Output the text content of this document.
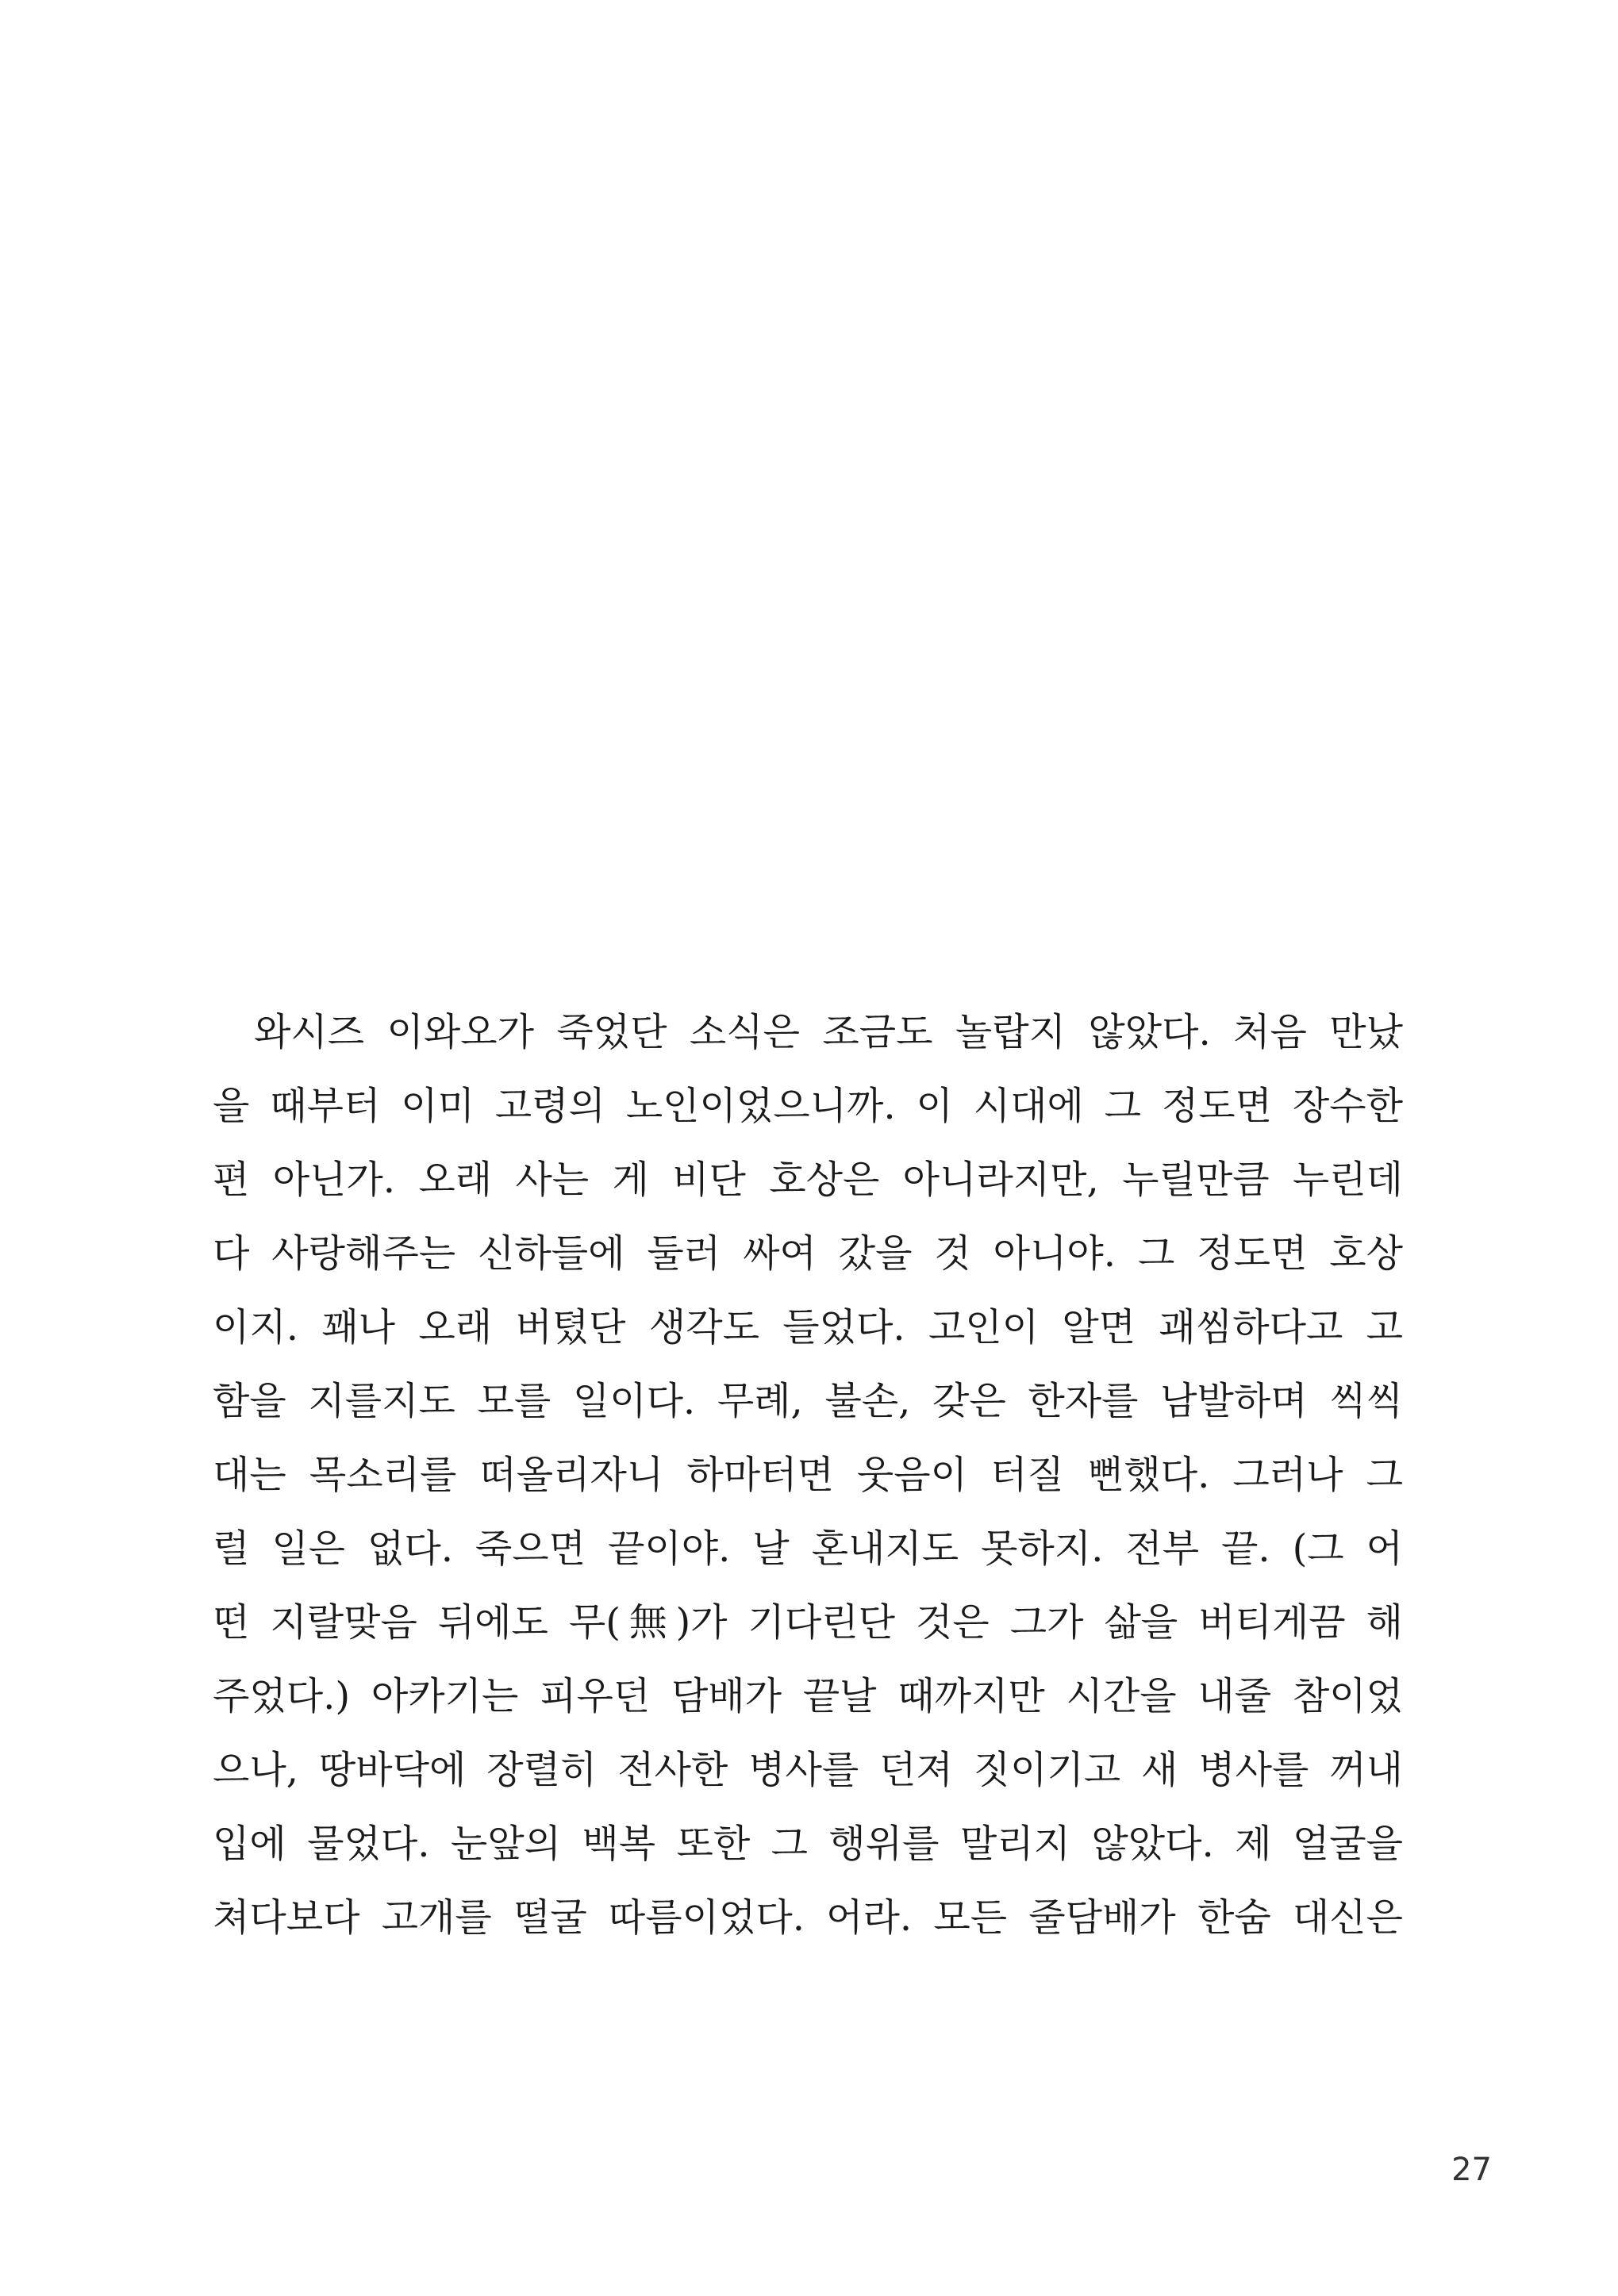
와시즈 이와오가 죽었단 소식은 조금도 놀랍지 않았다. 처음 만났
을 때부터 이미 고령의 노인이었으니까. 이 시대에 그 정도면 장수한
편 아닌가. 오래 사는 게 비단 호상은 아니라지만, 누릴만큼 누린데
다 사랑해주는 신하들에 둘러 싸여 갔을 것 아니야. 그 정도면 호상
이지. 꽤나 오래 버텼단 생각도 들었다. 고인이 알면 괘씸하다고 고
함을 지를지도 모를 일이다. 무례, 불손, 갖은 한자를 남발하며 씩씩
대는 목소리를 떠올리자니 하마터면 웃음이 터질 뻔했다. 그러나 그
럴 일은 없다. 죽으면 끝이야. 날 혼내지도 못하지. 전부 끝. (그 어
떤 지랄맞음 뒤에도 무(無)가 기다린단 것은 그가 삶을 버티게끔 해
주었다.) 아카기는 피우던 담배가 끝날 때까지만 시간을 내줄 참이었
으나, 땅바닥에 장렬히 전사한 병사를 던져 짓이기고 새 병사를 꺼내
입에 물었다. 눈앞의 백복 또한 그 행위를 말리지 않았다. 제 얼굴을
쳐다보다 고개를 떨굴 따름이었다. 어라. 모든 줄담배가 한숨 대신은
27
